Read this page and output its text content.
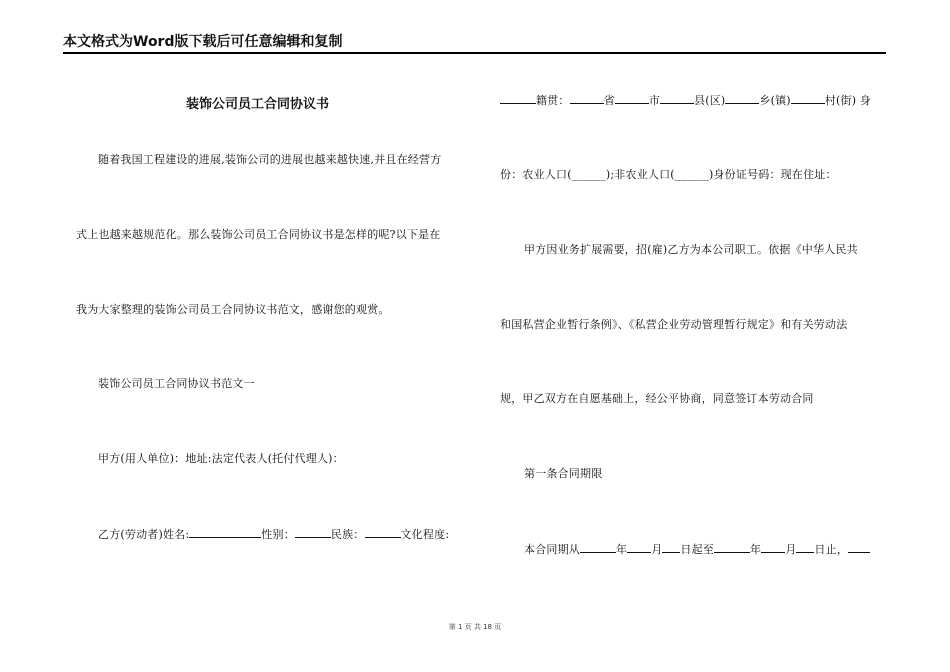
本文格式为Word版下载后可任意编辑和复制
装饰公司员工合同协议书
随着我国工程建设的进展,装饰公司的进展也越来越快速,并且在经营方
式上也越来越规范化。那么装饰公司员工合同协议书是怎样的呢?以下是在
我为大家整理的装饰公司员工合同协议书范文，感谢您的观赏。
装饰公司员工合同协议书范文一
甲方(用人单位)：地址:法定代表人(托付代理人)：
乙方(劳动者)姓名:	性别：	民族：	文化程度:
籍贯：	省	市	县(区)	乡(镇)	村(街) 身
份：农业人口(______);非农业人口(______)身份证号码：现在住址：
甲方因业务扩展需要，招(雇)乙方为本公司职工。依据《中华人民共
和国私营企业暂行条例》、《私营企业劳动管理暂行规定》和有关劳动法
规，甲乙双方在自愿基础上，经公平协商，同意签订本劳动合同
第一条合同期限
本合同期从	年 月 日起至	年 月 日止，
第 1 页 共 18 页
